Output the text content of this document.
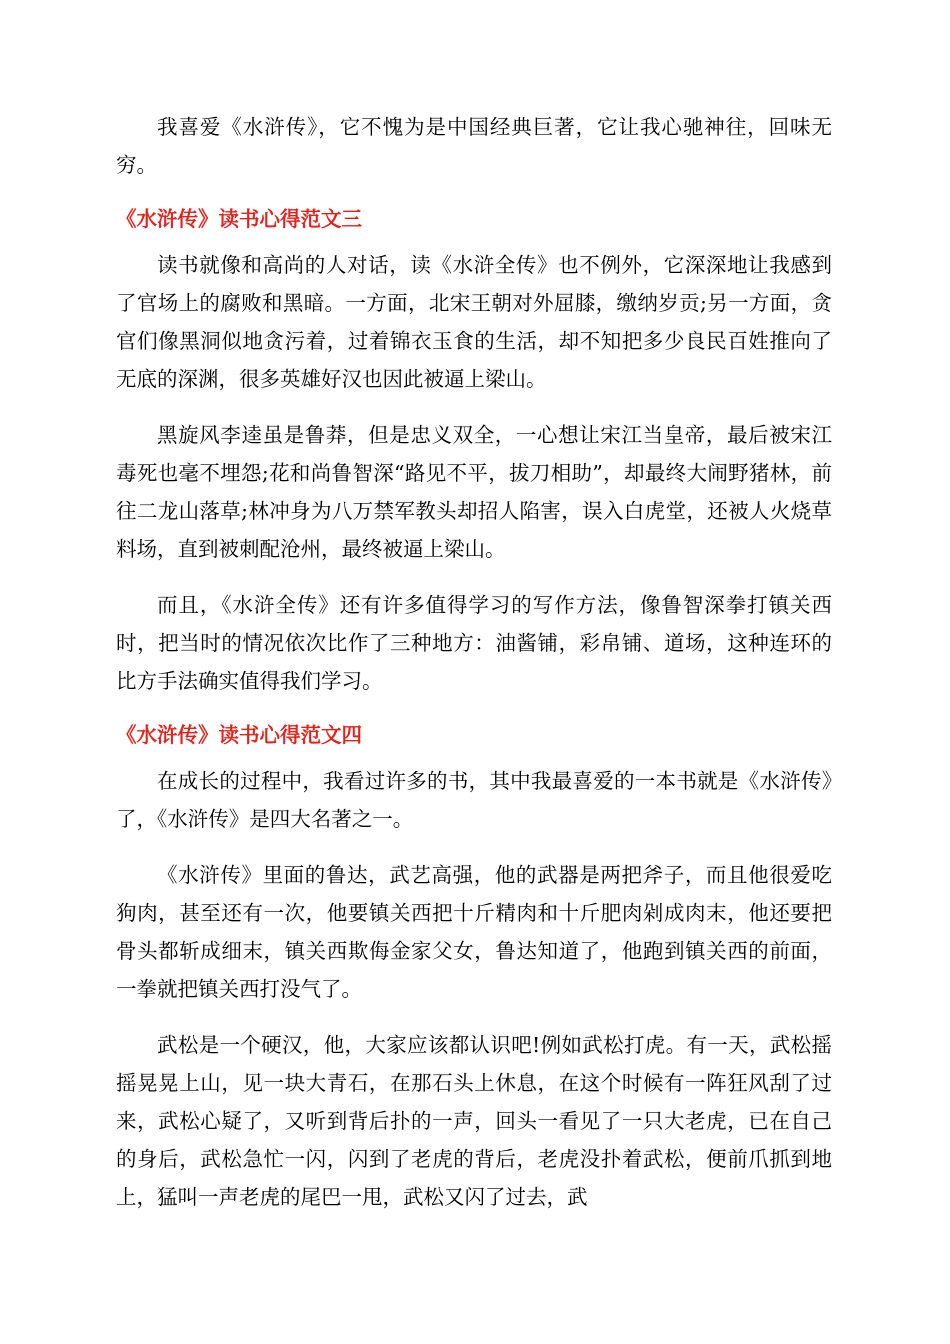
我喜爱《水浒传》，它不愧为是中国经典巨著，它让我心驰神往，回味无穷。

《水浒传》读书心得范文三

读书就像和高尚的人对话，读《水浒全传》也不例外，它深深地让我感到了官场上的腐败和黑暗。一方面，北宋王朝对外屈膝，缴纳岁贡;另一方面，贪官们像黑洞似地贪污着，过着锦衣玉食的生活，却不知把多少良民百姓推向了无底的深渊，很多英雄好汉也因此被逼上梁山。

黑旋风李逵虽是鲁莽，但是忠义双全，一心想让宋江当皇帝，最后被宋江毒死也毫不埋怨;花和尚鲁智深“路见不平，拔刀相助”，却最终大闹野猪林，前往二龙山落草;林冲身为八万禁军教头却招人陷害，误入白虎堂，还被人火烧草料场，直到被刺配沧州，最终被逼上梁山。

而且，《水浒全传》还有许多值得学习的写作方法，像鲁智深拳打镇关西时，把当时的情况依次比作了三种地方：油酱铺，彩帛铺、道场，这种连环的比方手法确实值得我们学习。

《水浒传》读书心得范文四

在成长的过程中，我看过许多的书，其中我最喜爱的一本书就是《水浒传》了，《水浒传》是四大名著之一。

《水浒传》里面的鲁达，武艺高强，他的武器是两把斧子，而且他很爱吃狗肉，甚至还有一次，他要镇关西把十斤精肉和十斤肥肉剁成肉末，他还要把骨头都斩成细末，镇关西欺侮金家父女，鲁达知道了，他跑到镇关西的前面，一拳就把镇关西打没气了。

武松是一个硬汉，他，大家应该都认识吧!例如武松打虎。有一天，武松摇摇晃晃上山，见一块大青石，在那石头上休息，在这个时候有一阵狂风刮了过来，武松心疑了，又听到背后扑的一声，回头一看见了一只大老虎，已在自己的身后，武松急忙一闪，闪到了老虎的背后，老虎没扑着武松，便前爪抓到地上，猛叫一声老虎的尾巴一甩，武松又闪了过去，武
